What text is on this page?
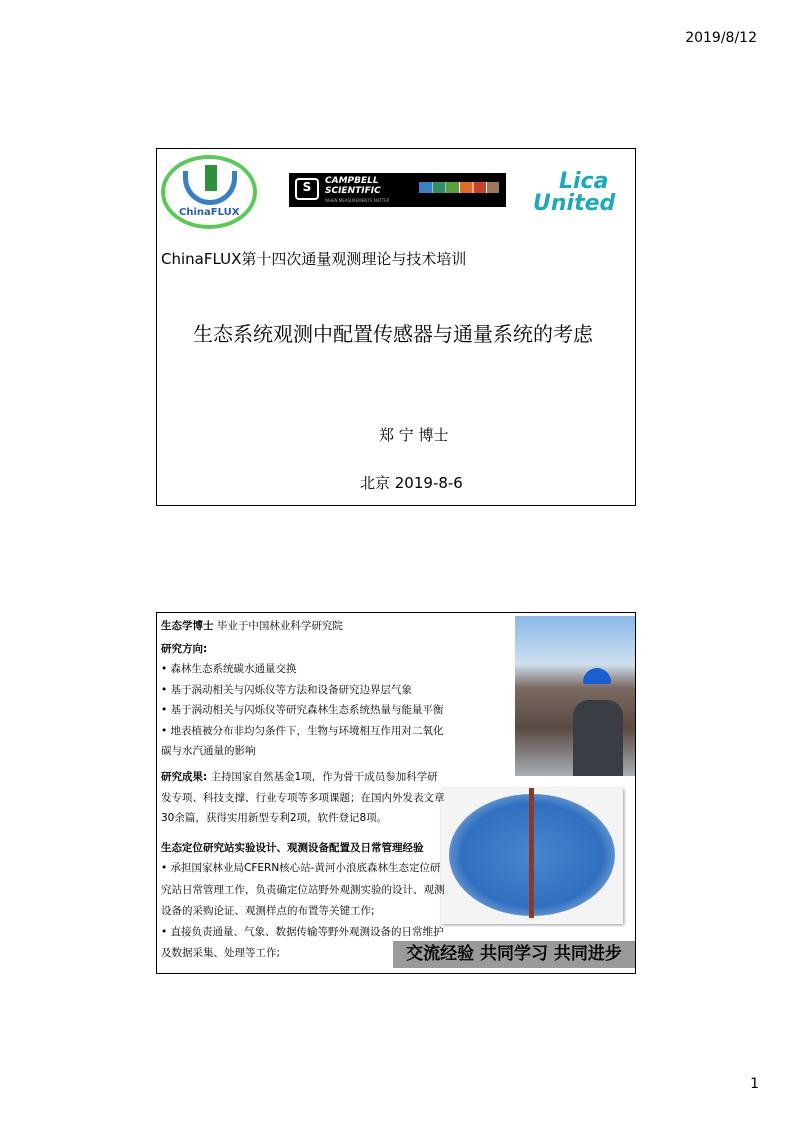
2019/8/12
ChinaFLUX
S	CAMPBELL
SCIENTIFIC
WHEN MEASUREMENTS MATTER
Lica
United
ChinaFLUX第十四次通量观测理论与技术培训
生态系统观测中配置传感器与通量系统的考虑
郑 宁 博士
北京 2019-8-6
生态学博士 毕业于中国林业科学研究院
研究方向:
• 森林生态系统碳水通量交换
• 基于涡动相关与闪烁仪等方法和设备研究边界层气象
• 基于涡动相关与闪烁仪等研究森林生态系统热量与能量平衡
• 地表植被分布非均匀条件下，生物与环境相互作用对二氧化
碳与水汽通量的影响
研究成果: 主持国家自然基金1项，作为骨干成员参加科学研
发专项、科技支撑、行业专项等多项课题；在国内外发表文章
30余篇，获得实用新型专利2项，软件登记8项。
生态定位研究站实验设计、观测设备配置及日常管理经验
• 承担国家林业局CFERN核心站-黄河小浪底森林生态定位研
究站日常管理工作，负责确定位站野外观测实验的设计、观测
设备的采购论证、观测样点的布置等关键工作;
• 直接负责通量、气象、数据传输等野外观测设备的日常维护
及数据采集、处理等工作;	交流经验 共同学习 共同进步
1
